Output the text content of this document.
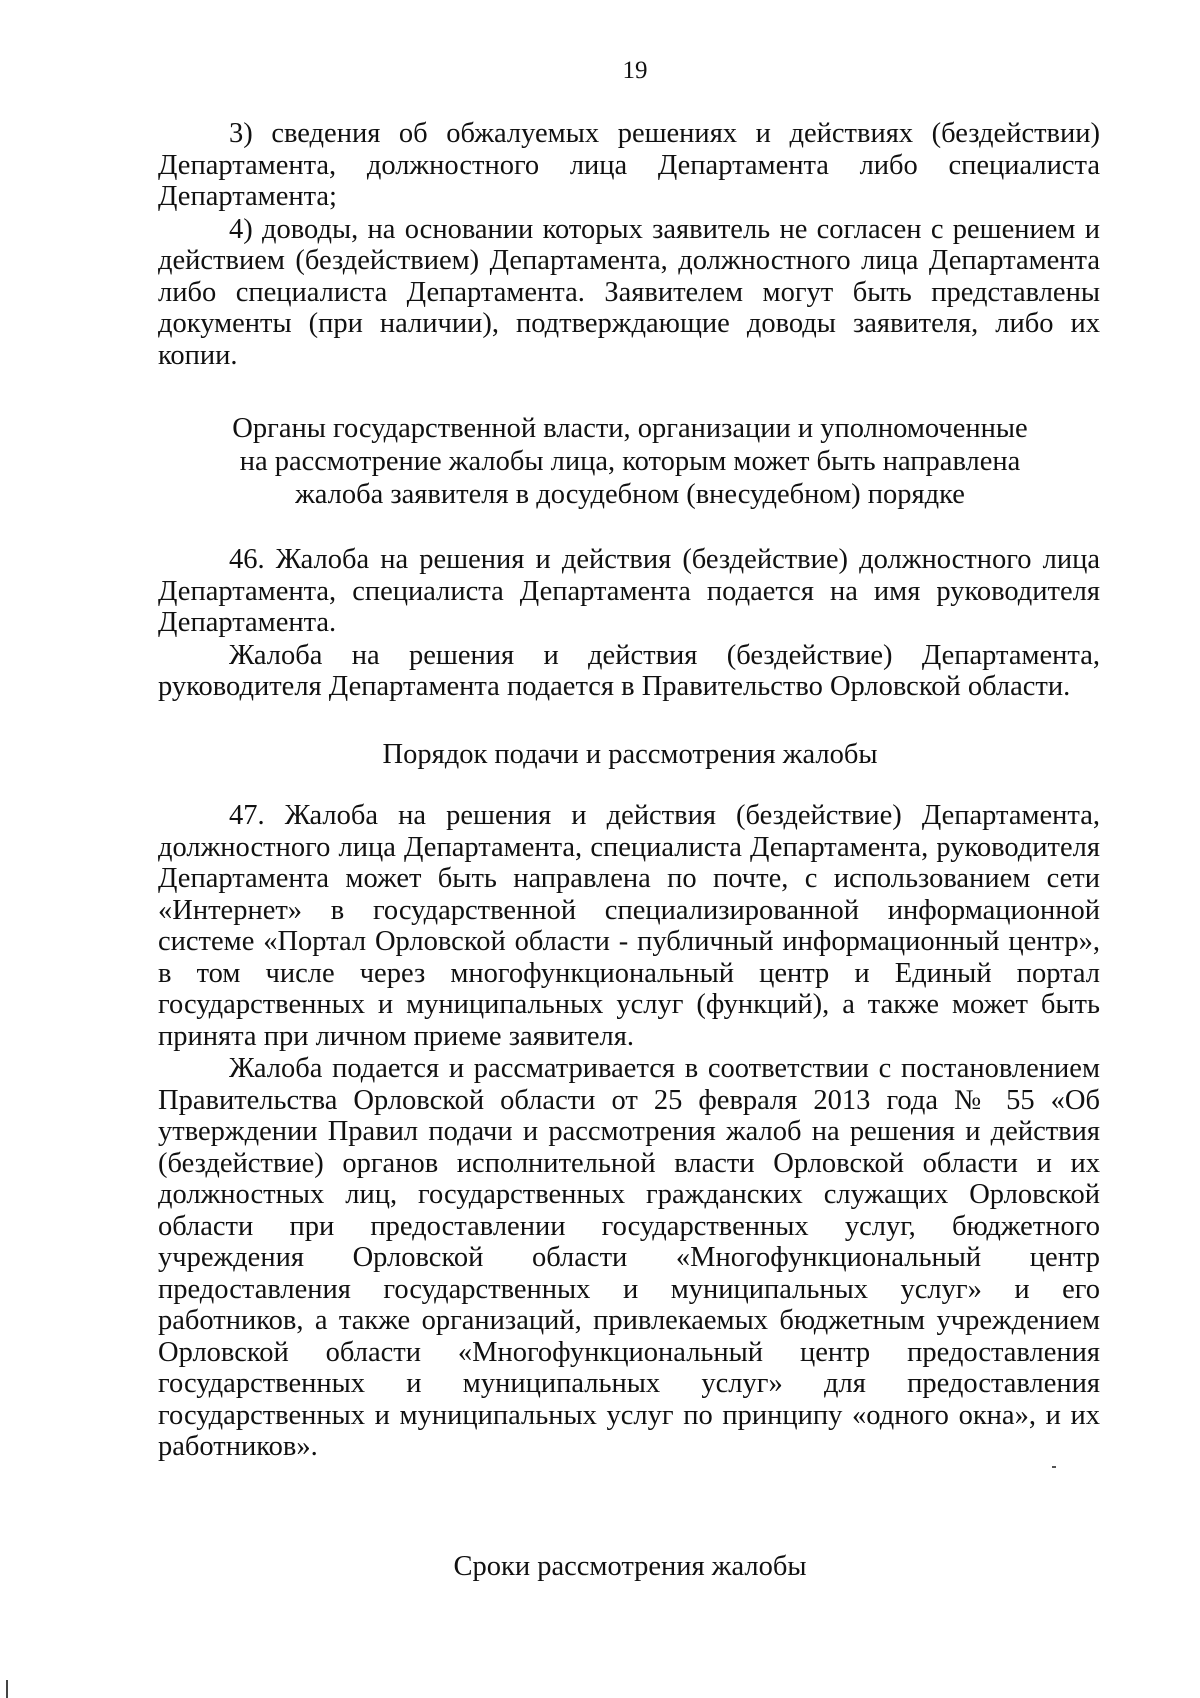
19

3) сведения об обжалуемых решениях и действиях (бездействии) Департамента, должностного лица Департамента либо специалиста Департамента;

4) доводы, на основании которых заявитель не согласен с решением и действием (бездействием) Департамента, должностного лица Департамента либо специалиста Департамента. Заявителем могут быть представлены документы (при наличии), подтверждающие доводы заявителя, либо их копии.

Органы государственной власти, организации и уполномоченные

на рассмотрение жалобы лица, которым может быть направлена

жалоба заявителя в досудебном (внесудебном) порядке

46. Жалоба на решения и действия (бездействие) должностного лица Департамента, специалиста Департамента подается на имя руководителя Департамента.

Жалоба на решения и действия (бездействие) Департамента, руководителя Департамента подается в Правительство Орловской области.

Порядок подачи и рассмотрения жалобы

47. Жалоба на решения и действия (бездействие) Департамента, должностного лица Департамента, специалиста Департамента, руководителя Департамента может быть направлена по почте, с использованием сети «Интернет» в государственной специализированной информационной системе «Портал Орловской области - публичный информационный центр», в том числе через многофункциональный центр и Единый портал государственных и муниципальных услуг (функций), а также может быть принята при личном приеме заявителя.

Жалоба подается и рассматривается в соответствии с постановлением Правительства Орловской области от 25 февраля 2013 года № 55 «Об утверждении Правил подачи и рассмотрения жалоб на решения и действия (бездействие) органов исполнительной власти Орловской области и их должностных лиц, государственных гражданских служащих Орловской области при предоставлении государственных услуг, бюджетного учреждения Орловской области «Многофункциональный центр предоставления государственных и муниципальных услуг» и его работников, а также организаций, привлекаемых бюджетным учреждением Орловской области «Многофункциональный центр предоставления государственных и муниципальных услуг» для предоставления государственных и муниципальных услуг по принципу «одного окна», и их работников».

Сроки рассмотрения жалобы
